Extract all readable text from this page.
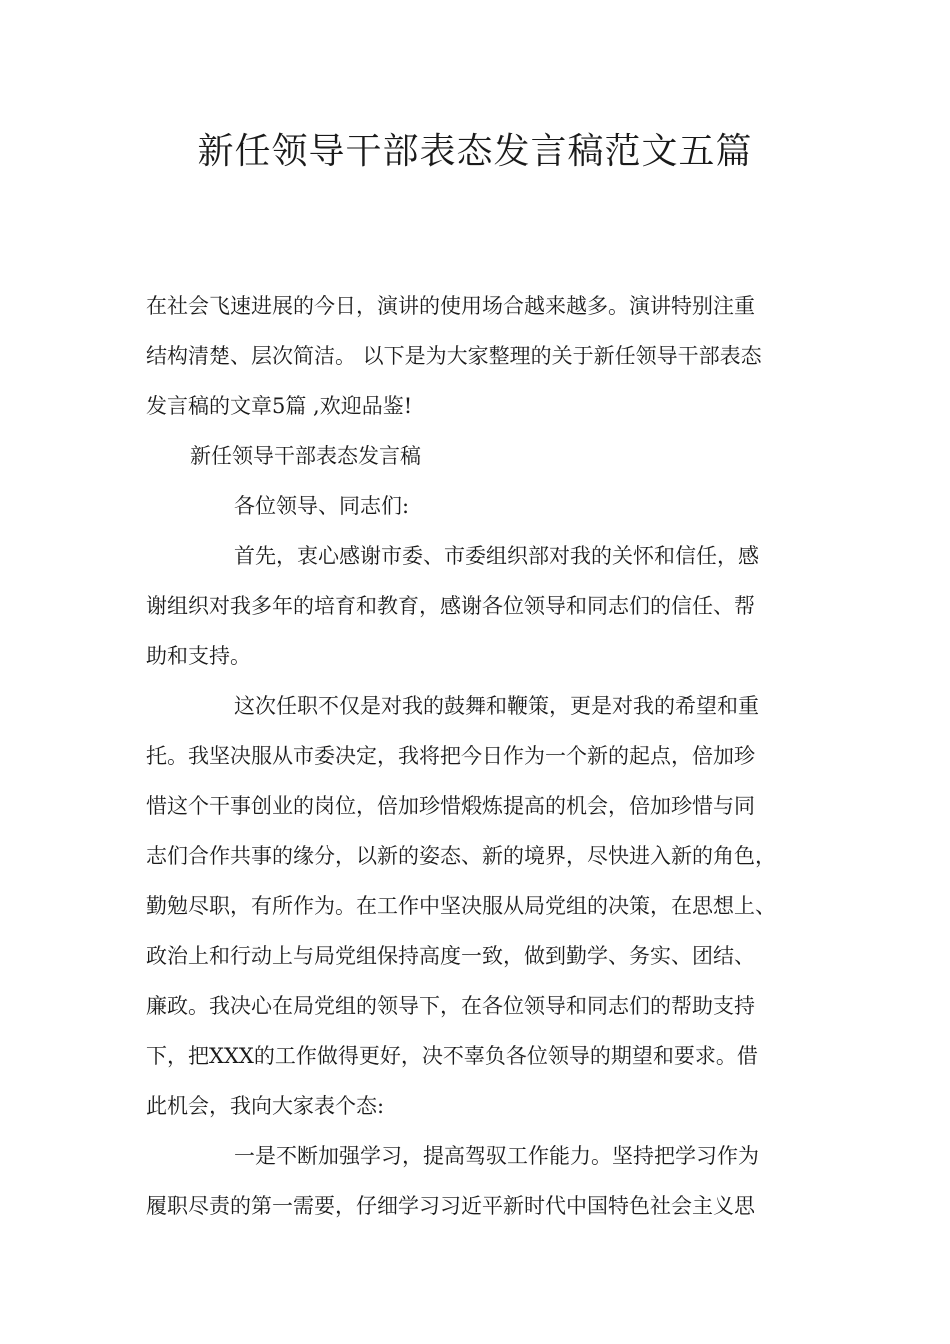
新任领导干部表态发言稿范文五篇
在社会飞速进展的今日，演讲的使用场合越来越多。演讲特别注重
结构清楚、层次简洁。 以下是为大家整理的关于新任领导干部表态
发言稿的文章5篇 ,欢迎品鉴!
新任领导干部表态发言稿
各位领导、同志们:
首先，衷心感谢市委、市委组织部对我的关怀和信任，感
谢组织对我多年的培育和教育，感谢各位领导和同志们的信任、帮
助和支持。
这次任职不仅是对我的鼓舞和鞭策，更是对我的希望和重
托。我坚决服从市委决定，我将把今日作为一个新的起点，倍加珍
惜这个干事创业的岗位，倍加珍惜煅炼提高的机会，倍加珍惜与同
志们合作共事的缘分，以新的姿态、新的境界，尽快进入新的角色，
勤勉尽职，有所作为。在工作中坚决服从局党组的决策，在思想上、
政治上和行动上与局党组保持高度一致，做到勤学、务实、团结、
廉政。我决心在局党组的领导下，在各位领导和同志们的帮助支持
下，把XXX的工作做得更好，决不辜负各位领导的期望和要求。借
此机会，我向大家表个态:
一是不断加强学习，提高驾驭工作能力。坚持把学习作为
履职尽责的第一需要，仔细学习习近平新时代中国特色社会主义思
